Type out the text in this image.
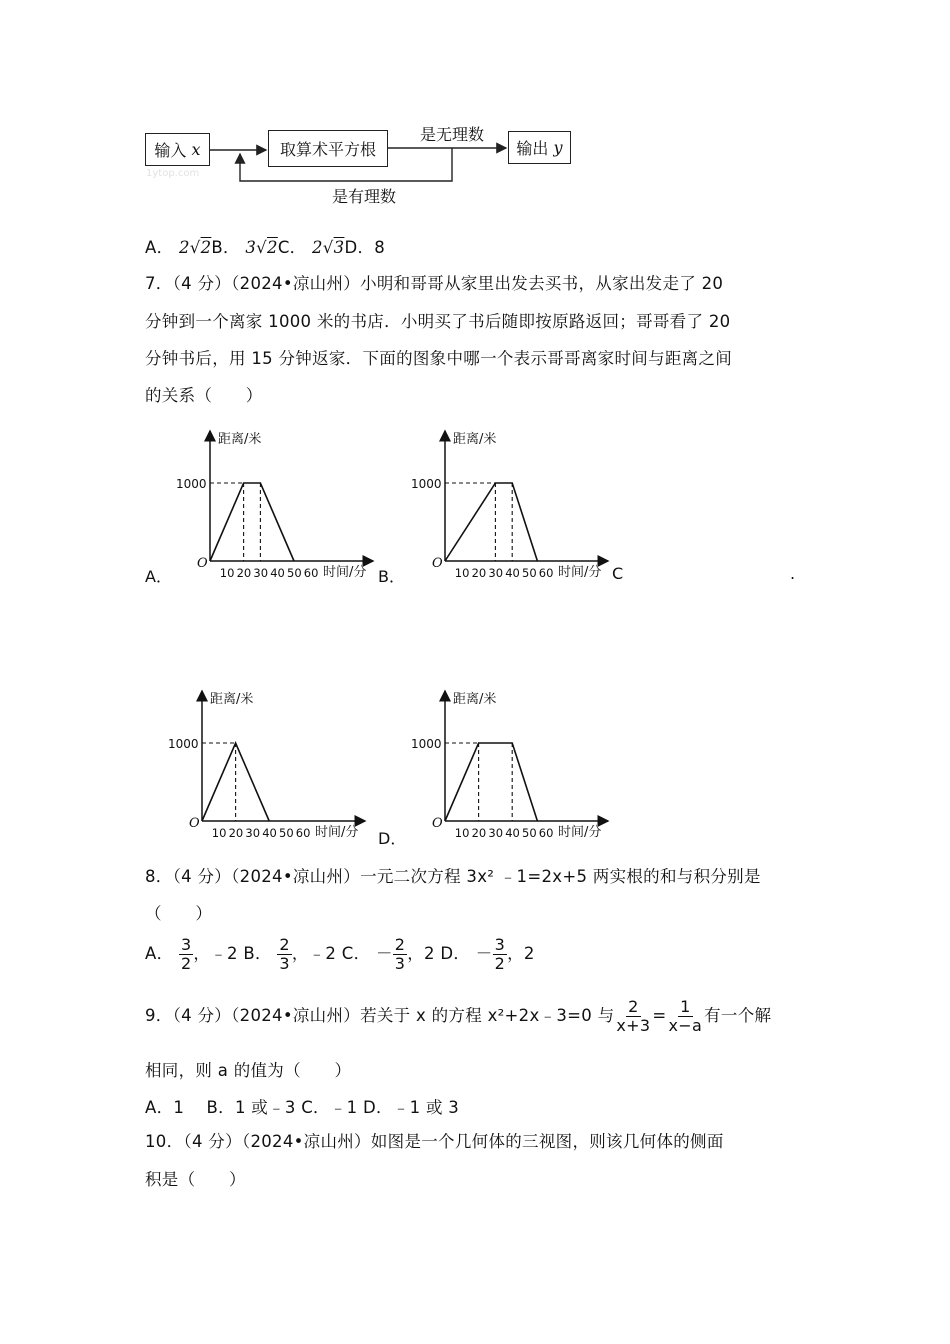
输入
x	取算术平方根	输出
y
是无理数
是有理数
1ytop.com
A． 2√2B． 3√2C． 2√3D．8
7．（4 分）（2024•凉山州）小明和哥哥从家里出发去买书，从家出发走了 20
分钟到一个离家 1000 米的书店．小明买了书后随即按原路返回；哥哥看了 20
分钟书后，用 15 分钟返家．下面的图象中哪一个表示哥哥离家时间与距离之间
的关系（　　）
距离/米
时间/分
O
1000
10 20 30 40 50 60
距离/米
时间/分
O
1000
10 20 30 40 50 60
距离/米
时间/分
O
1000
10 20 30 40 50 60
距离/米
时间/分
O
1000
10 20 30 40 50 60
A．	B．	C	.
D．
8．（4 分）（2024•凉山州）一元二次方程 3x² ﹣1=2x+5 两实根的和与积分别是
（　　）
A． $\frac{3}{2}$ ，﹣2 B． $\frac{2}{3}$ ，﹣2 C． － $\frac{2}{3}$ ，2 D． － $\frac{3}{2}$ ，2
9．（4 分）（2024•凉山州）若关于 x 的方程 x²+2x﹣3=0 与 $\frac{2}{x+3} = \frac{1}{x-a}$ 有一个解
相同，则 a 的值为（　　）
A．1　 B．1 或﹣3 C．﹣1 D．﹣1 或 3
10．（4 分）（2024•凉山州）如图是一个几何体的三视图，则该几何体的侧面
积是（　　）
